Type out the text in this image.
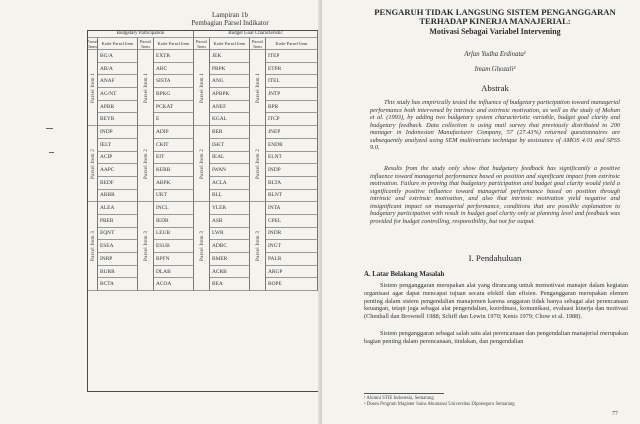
Lampiran 1b
Pembagian Parsel Indikator
Budgetary Participation	Budget Goal Characteristic
Parsel Item	Kode Parsel Item	Parsel Item	Kode Parsel Item	Parsel Item	Kode Parsel Item	Parsel Item	Kode Parsel Item
Parsel Item 1	Parsel Item 1	Parsel Item 1	Parsel Item 1
BG/A	EXTR	JEK	ITEP
AB/A	ARC	PBPK	ETPR
ANAF	SISTA	ANG	ITEL
AG/NT	BPKG	APBPK	JNTP
APBR	PCKAT	ANEF	BPR
BEYR	E	KGAL	ITCP
Parsel Item 2	Parsel Item 2	Parsel Item 2	Parsel Item 2
INDP	ADIP	BER	JNEP
IELT	CKIT	ISKT	ENDR
ACIP	EIT	IEAL	ELNT
AAPC	KERB	IWAN	INDP
REDF	ABPK	ACLA	BLTA
ARBR	UKT	BLL	BLNT
Parsel Item 3	Parsel Item 3	Parsel Item 3	Parsel Item 3
ALEA	INCL	YLER	INTA
PBER	IEDR	ASB	CPEL
EQNT	LEUB	LWR	INDR
ESEA	ESUB	ADBC	INGT
INRP	BPFN	BMER	PALR
BURR	DLAB	ACRB	ARGP
BCTA	ACOA	BEA	BOPE
PENGARUH TIDAK LANGSUNG SISTEM PENGANGGARAN
TERHADAP KINERJA MANAJERIAL:
Motivasi Sebagai Variabel Intervening
Arfan Yudha Erdinata¹
Imam Ghozali²
Abstrak
This study has empirically tested the influence of budgetary participation toward managerial performance both intervened by intrinsic and extrinsic motivation, as well as the study of Mohan et al. (1993), by adding two budgetary system characteristic variable, budget goal clarity and budgetary feedback. Data collection is using mail survey that previously distributed to 200 manager in Indonesian Manufacturer Company, 57 (27.43%) returned questionnaires are subsequently analyzed using SEM multivariate technique by assistance of AMOS 4.01 and SPSS 9.0.
Results from the study only show that budgetary feedback has significantly a positive influence toward managerial performance based on position and significant impact from extrinsic motivation. Failure in proving that budgetary participation and budget goal clarity would yield a significantly positive influence toward managerial performance based on position through intrinsic and extrinsic motivation, and also that intrinsic motivation yield negative and insignificant impact on managerial performance, conditions that are possible explanation to budgetary participation with result in budget goal clarity only at planning level and feedback was provided for budget controlling, responsibility, but not for output.
I. Pendahuluan
A. Latar Belakang Masalah
Sistem penganggaran merupakan alat yang dirancang untuk memotivasi manajer dalam kegiatan organisasi agar dapat mencapai tujuan secara efektif dan efisien. Penganggaran merupakan elemen penting dalam sistem pengendalian manajemen karena anggaran tidak hanya sebagai alat perencanaan keuangan, tetapi juga sebagai alat pengendalian, koordinasi, komunikasi, evaluasi kinerja dan motivasi (Chenhall dan Brownell 1988; Schiff dan Lewin 1970; Kenis 1979; Chow et al. 1988).
Sistem penganggaran sebagai salah satu alat perencanaan dan pengendalian manajerial merupakan bagian penting dalam perencanaan, tindakan, dan pengendalian
¹ Alumni STIE Indonesia, Semarang
² Dosen Program Magister Sains Akuntansi Universitas Diponegoro Semarang
77
